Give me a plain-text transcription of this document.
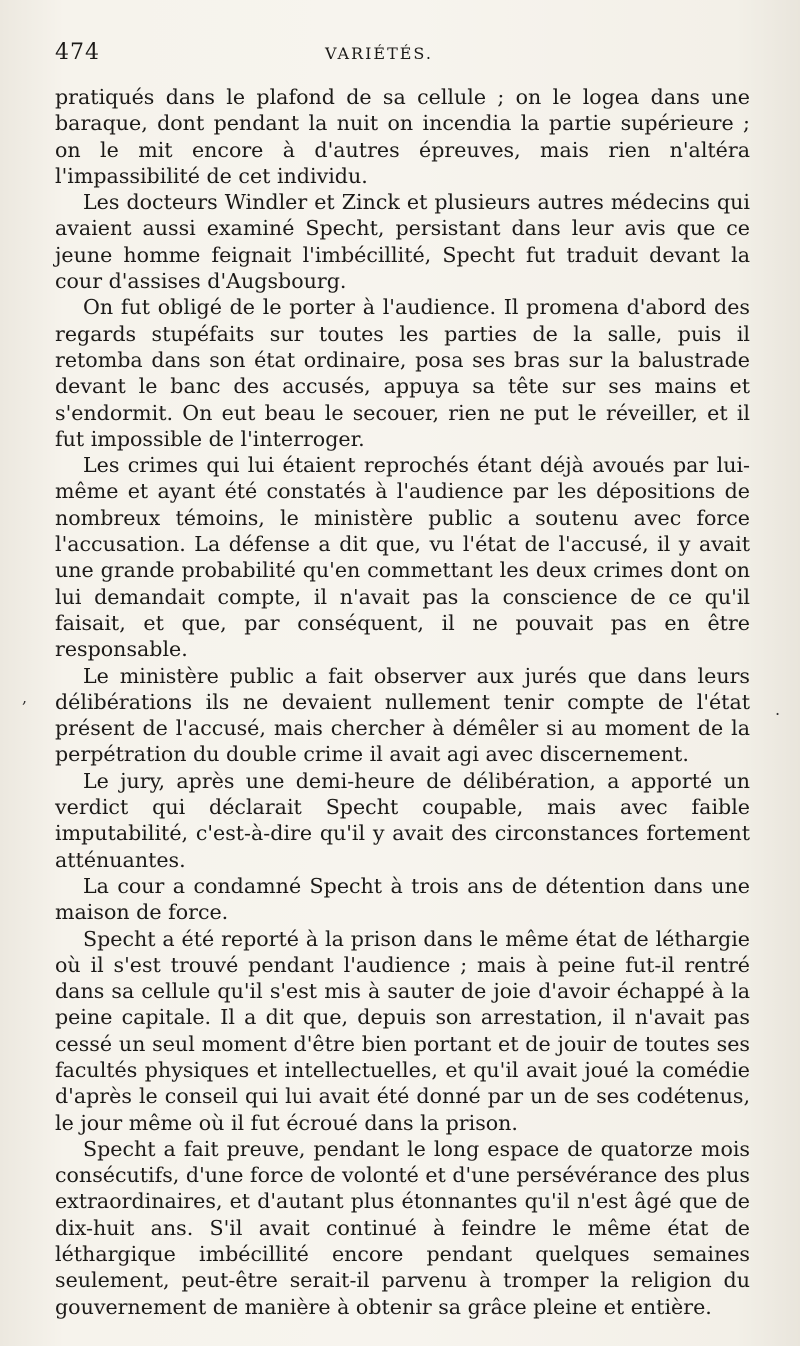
474	VARIÉTÉS.

pratiqués dans le plafond de sa cellule ; on le logea dans une baraque, dont pendant la nuit on incendia la partie supérieure ; on le mit encore à d'autres épreuves, mais rien n'altéra l'impassibilité de cet individu.

Les docteurs Windler et Zinck et plusieurs autres médecins qui avaient aussi examiné Specht, persistant dans leur avis que ce jeune homme feignait l'imbécillité, Specht fut traduit devant la cour d'assises d'Augsbourg.

On fut obligé de le porter à l'audience. Il promena d'abord des regards stupéfaits sur toutes les parties de la salle, puis il retomba dans son état ordinaire, posa ses bras sur la balustrade devant le banc des accusés, appuya sa tête sur ses mains et s'endormit. On eut beau le secouer, rien ne put le réveiller, et il fut impossible de l'interroger.

Les crimes qui lui étaient reprochés étant déjà avoués par lui-même et ayant été constatés à l'audience par les dépositions de nombreux témoins, le ministère public a soutenu avec force l'accusation. La défense a dit que, vu l'état de l'accusé, il y avait une grande probabilité qu'en commettant les deux crimes dont on lui demandait compte, il n'avait pas la conscience de ce qu'il faisait, et que, par conséquent, il ne pouvait pas en être responsable.

Le ministère public a fait observer aux jurés que dans leurs délibérations ils ne devaient nullement tenir compte de l'état présent de l'accusé, mais chercher à démêler si au moment de la perpétration du double crime il avait agi avec discernement.

Le jury, après une demi-heure de délibération, a apporté un verdict qui déclarait Specht coupable, mais avec faible imputabilité, c'est-à-dire qu'il y avait des circonstances fortement atténuantes.

La cour a condamné Specht à trois ans de détention dans une maison de force.

Specht a été reporté à la prison dans le même état de léthargie où il s'est trouvé pendant l'audience ; mais à peine fut-il rentré dans sa cellule qu'il s'est mis à sauter de joie d'avoir échappé à la peine capitale. Il a dit que, depuis son arrestation, il n'avait pas cessé un seul moment d'être bien portant et de jouir de toutes ses facultés physiques et intellectuelles, et qu'il avait joué la comédie d'après le conseil qui lui avait été donné par un de ses codétenus, le jour même où il fut écroué dans la prison.

Specht a fait preuve, pendant le long espace de quatorze mois consécutifs, d'une force de volonté et d'une persévérance des plus extraordinaires, et d'autant plus étonnantes qu'il n'est âgé que de dix-huit ans. S'il avait continué à feindre le même état de léthargique imbécillité encore pendant quelques semaines seulement, peut-être serait-il parvenu à tromper la religion du gouvernement de manière à obtenir sa grâce pleine et entière.

,
.
